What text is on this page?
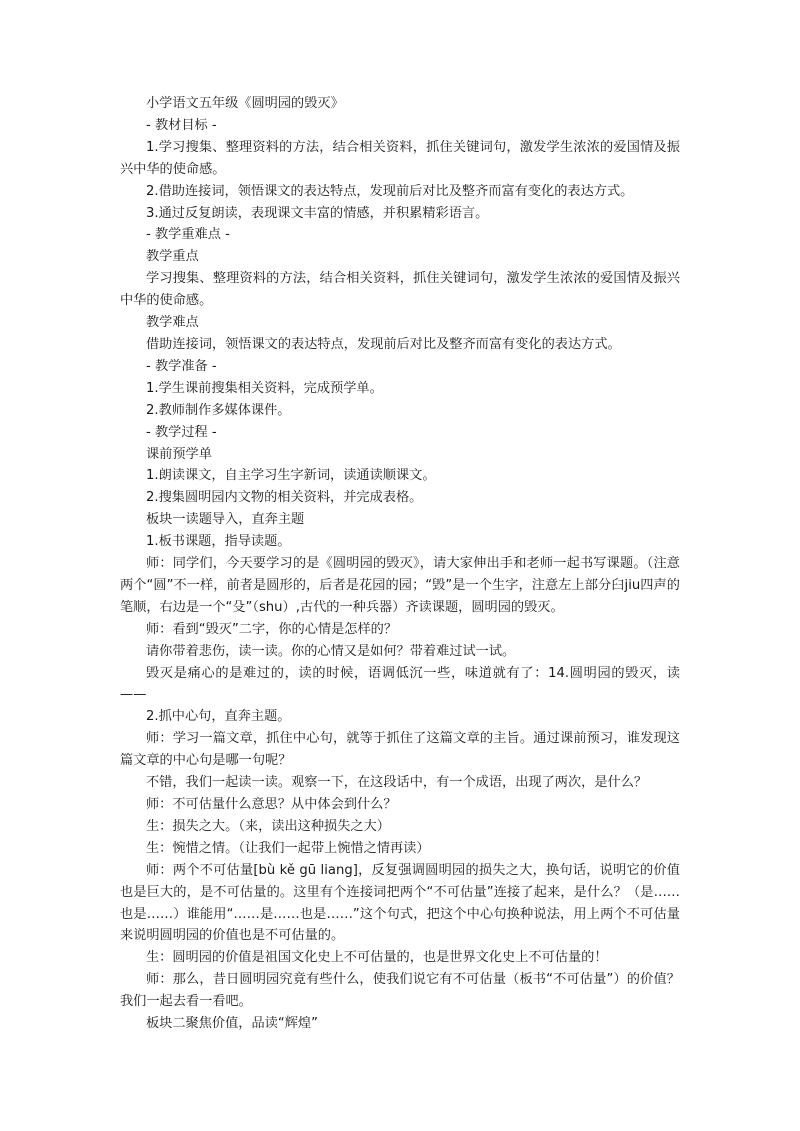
小学语文五年级《圆明园的毁灭》

- 教材目标 -

1.学习搜集、整理资料的方法，结合相关资料，抓住关键词句，激发学生浓浓的爱国情及振兴中华的使命感。

2.借助连接词，领悟课文的表达特点，发现前后对比及整齐而富有变化的表达方式。

3.通过反复朗读，表现课文丰富的情感，并积累精彩语言。

- 教学重难点 -

教学重点

学习搜集、整理资料的方法，结合相关资料，抓住关键词句，激发学生浓浓的爱国情及振兴中华的使命感。

教学难点

借助连接词，领悟课文的表达特点，发现前后对比及整齐而富有变化的表达方式。

- 教学准备 -

1.学生课前搜集相关资料，完成预学单。

2.教师制作多媒体课件。

- 教学过程 -

课前预学单

1.朗读课文，自主学习生字新词，读通读顺课文。

2.搜集圆明园内文物的相关资料，并完成表格。

板块一读题导入，直奔主题

1.板书课题，指导读题。

师：同学们，今天要学习的是《圆明园的毁灭》，请大家伸出手和老师一起书写课题。（注意两个“圆”不一样，前者是圆形的，后者是花园的园；“毁”是一个生字，注意左上部分臼jiu四声的笔顺，右边是一个“殳”（shu）,古代的一种兵器）齐读课题，圆明园的毁灭。

师：看到“毁灭”二字，你的心情是怎样的？

请你带着悲伤，读一读。你的心情又是如何？带着难过试一试。

毁灭是痛心的是难过的，读的时候，语调低沉一些，味道就有了：14.圆明园的毁灭，读——

2.抓中心句，直奔主题。

师：学习一篇文章，抓住中心句，就等于抓住了这篇文章的主旨。通过课前预习，谁发现这篇文章的中心句是哪一句呢？

不错，我们一起读一读。观察一下，在这段话中，有一个成语，出现了两次，是什么？

师：不可估量什么意思？从中体会到什么？

生：损失之大。（来，读出这种损失之大）

生：惋惜之情。（让我们一起带上惋惜之情再读）

师：两个不可估量[bù kě gū liang]，反复强调圆明园的损失之大，换句话，说明它的价值也是巨大的，是不可估量的。这里有个连接词把两个“不可估量”连接了起来，是什么？（是……也是……）谁能用“……是……也是……”这个句式，把这个中心句换种说法，用上两个不可估量来说明圆明园的价值也是不可估量的。

生：圆明园的价值是祖国文化史上不可估量的，也是世界文化史上不可估量的！

师：那么，昔日圆明园究竟有些什么，使我们说它有不可估量（板书“不可估量”）的价值？我们一起去看一看吧。

板块二聚焦价值，品读“辉煌”
